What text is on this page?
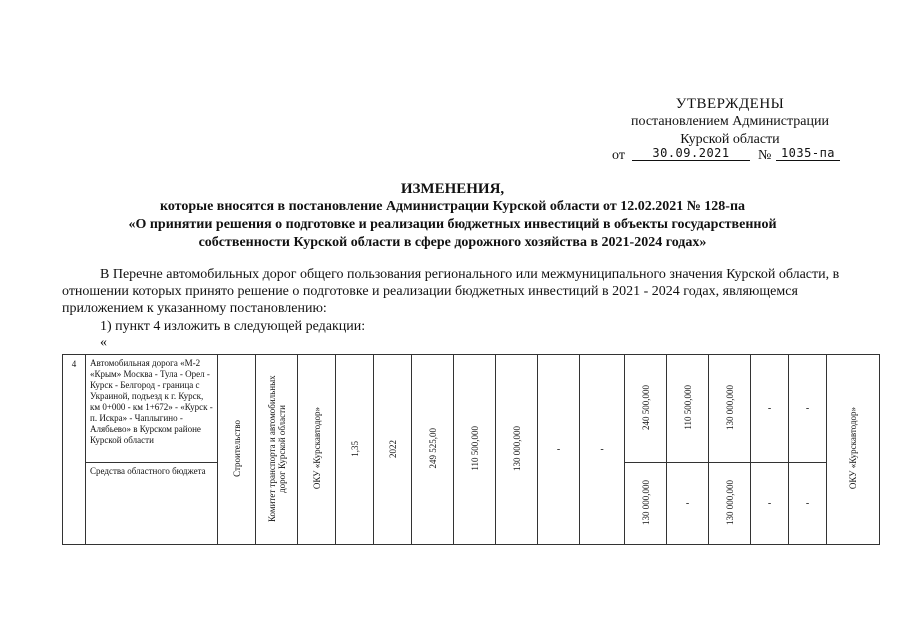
УТВЕРЖДЕНЫ
постановлением Администрации
Курской области
от	30.09.2021	№ 1035-па
ИЗМЕНЕНИЯ,
которые вносятся в постановление Администрации Курской области от 12.02.2021 № 128-па
«О принятии решения о подготовке и реализации бюджетных инвестиций в объекты государственной
собственности Курской области в сфере дорожного хозяйства в 2021-2024 годах»
В Перечне автомобильных дорог общего пользования регионального или межмуниципального значения Курской области, в отношении которых принято решение о подготовке и реализации бюджетных инвестиций в 2021 - 2024 годах, являющемся приложением к указанному постановлению:
1) пункт 4 изложить в следующей редакции:
«
4	Автомобильная дорога «М-2 «Крым» Москва - Тула - Орел - Курск - Белгород - граница с Украиной, подъезд к г. Курск, км 0+000 - км 1+672» - «Курск - п. Искра» - Чаплыгино - Алябьево» в Курском районе Курской области	Строительство	Комитет транспорта и автомобильных дорог Курской области	ОКУ «Курскавтодор»	1,35	2022	249 525,00	110 500,000	130 000,000	-	-	240 500,000	110 500,000	130 000,000	-	-	ОКУ «Курскавтодор»
	Средства областного бюджета											130 000,000	-	130 000,000	-	-	
